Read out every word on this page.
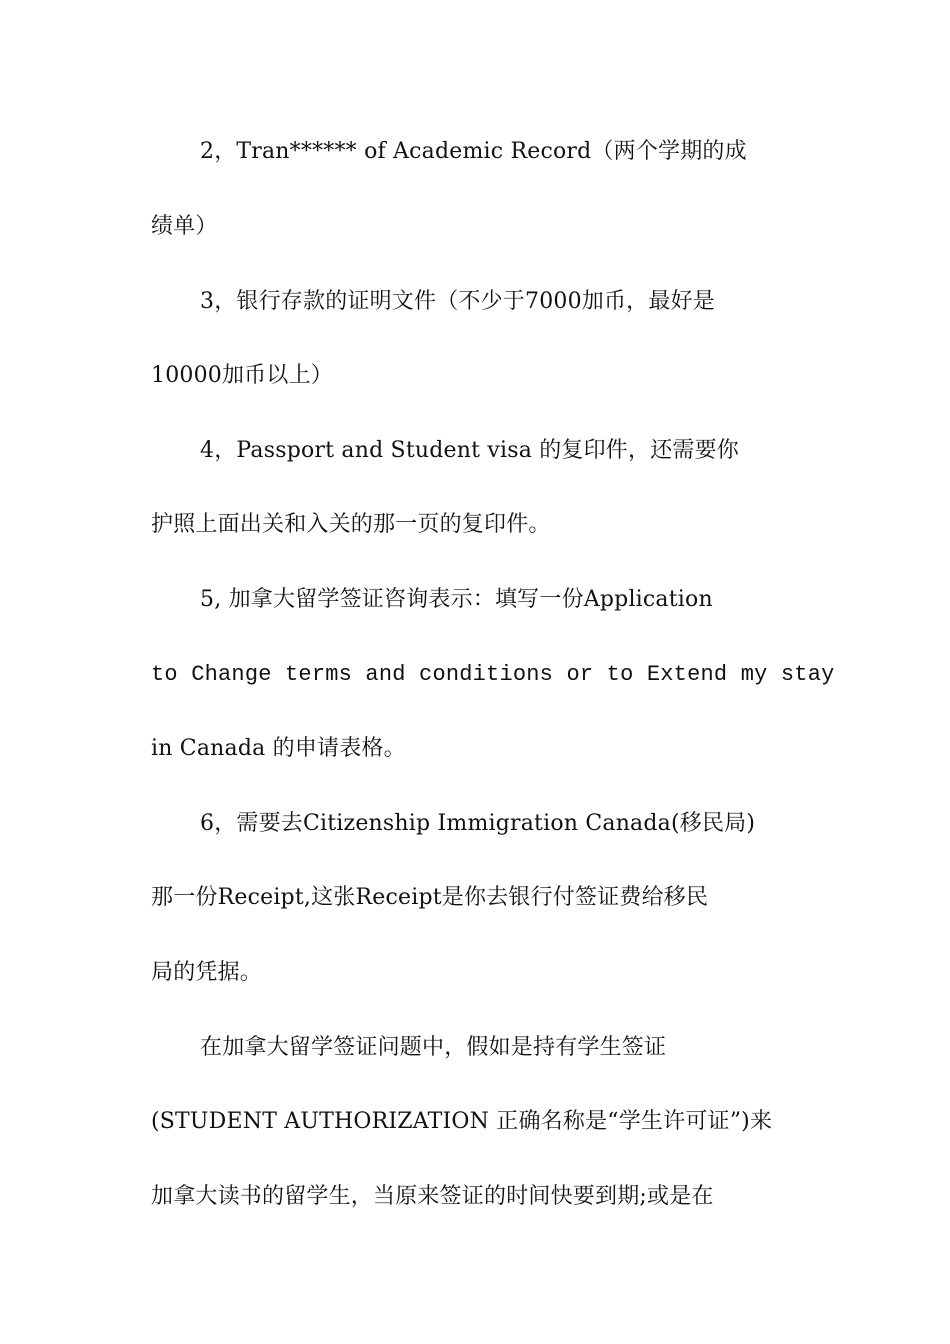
2，Tran****** of Academic Record（两个学期的成
绩单）
3，银行存款的证明文件（不少于7000加币，最好是
10000加币以上）
4，Passport and Student visa 的复印件，还需要你
护照上面出关和入关的那一页的复印件。
5, 加拿大留学签证咨询表示：填写一份Application
to Change terms and conditions or to Extend my stay
in Canada 的申请表格。
6，需要去Citizenship Immigration Canada(移民局)
那一份Receipt,这张Receipt是你去银行付签证费给移民
局的凭据。
在加拿大留学签证问题中，假如是持有学生签证
(STUDENT AUTHORIZATION 正确名称是“学生许可证”)来
加拿大读书的留学生，当原来签证的时间快要到期;或是在
